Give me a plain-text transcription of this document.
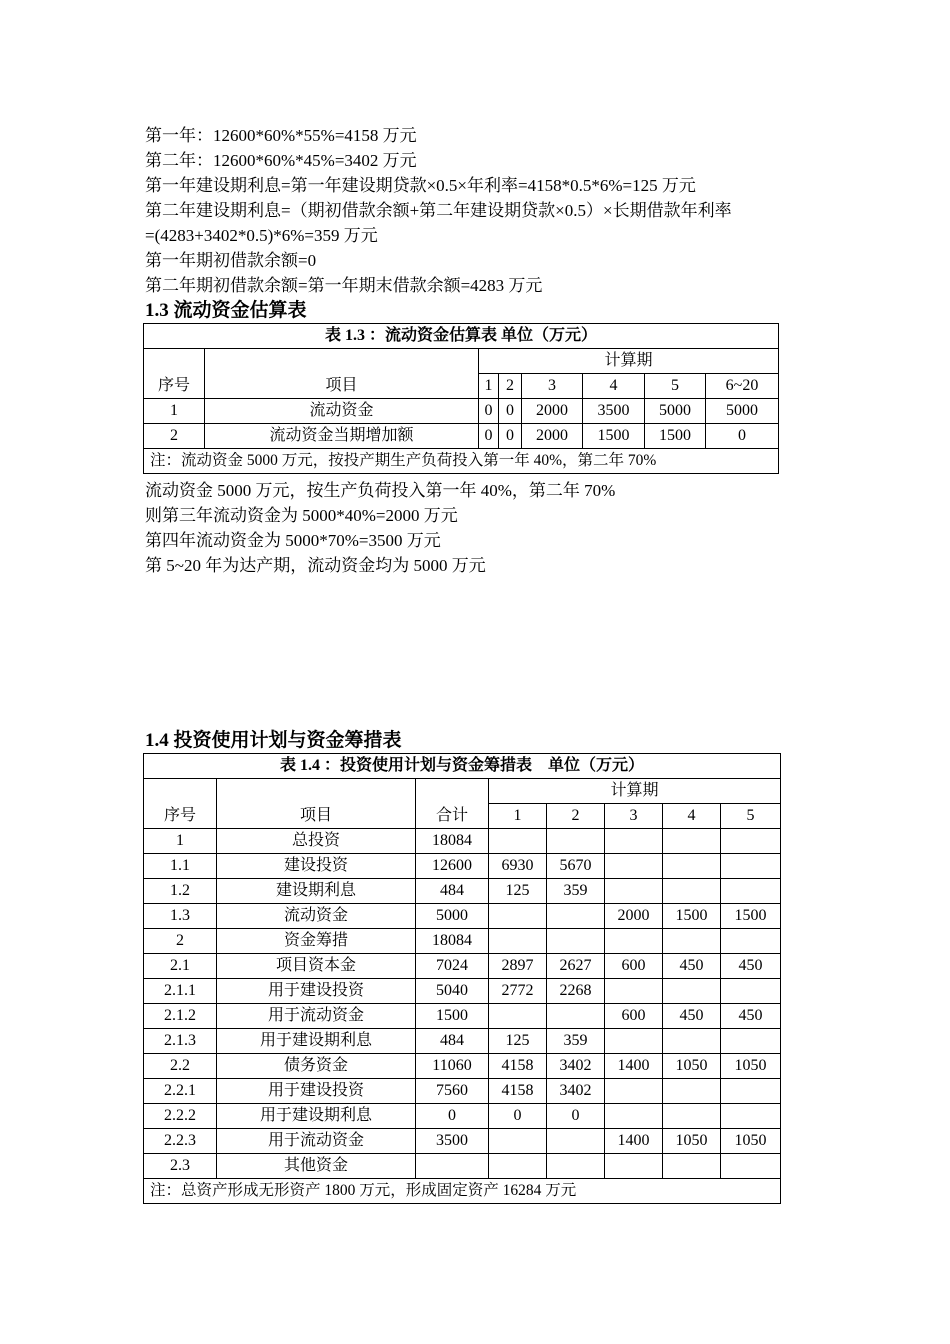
第一年：12600*60%*55%=4158 万元
第二年：12600*60%*45%=3402 万元
第一年建设期利息=第一年建设期贷款×0.5×年利率=4158*0.5*6%=125 万元
第二年建设期利息=（期初借款余额+第二年建设期贷款×0.5）×长期借款年利率
=(4283+3402*0.5)*6%=359 万元
第一年期初借款余额=0
第二年期初借款余额=第一年期末借款余额=4283 万元
1.3 流动资金估算表
表 1.3 ：流动资金估算表 单位（万元）							
序号	项目	计算期					
		1	2	3	4	5	6~20
1	流动资金	0	0	2000	3500	5000	5000
2	流动资金当期增加额	0	0	2000	1500	1500	0
注：流动资金 5000 万元，按投产期生产负荷投入第一年 40%，第二年 70%							
流动资金 5000 万元，按生产负荷投入第一年 40%，第二年 70%
则第三年流动资金为 5000*40%=2000 万元
第四年流动资金为 5000*70%=3500 万元
第 5~20 年为达产期，流动资金均为 5000 万元
1.4 投资使用计划与资金筹措表
表 1.4 ：投资使用计划与资金筹措表　单位（万元）							
序号	项目	合计	计算期				
			1	2	3	4	5
1	总投资	18084					
1.1	建设投资	12600	6930	5670			
1.2	建设期利息	484	125	359			
1.3	流动资金	5000			2000	1500	1500
2	资金筹措	18084					
2.1	项目资本金	7024	2897	2627	600	450	450
2.1.1	用于建设投资	5040	2772	2268			
2.1.2	用于流动资金	1500			600	450	450
2.1.3	用于建设期利息	484	125	359			
2.2	债务资金	11060	4158	3402	1400	1050	1050
2.2.1	用于建设投资	7560	4158	3402			
2.2.2	用于建设期利息	0	0	0			
2.2.3	用于流动资金	3500			1400	1050	1050
2.3	其他资金						
注：总资产形成无形资产 1800 万元，形成固定资产 16284 万元							
